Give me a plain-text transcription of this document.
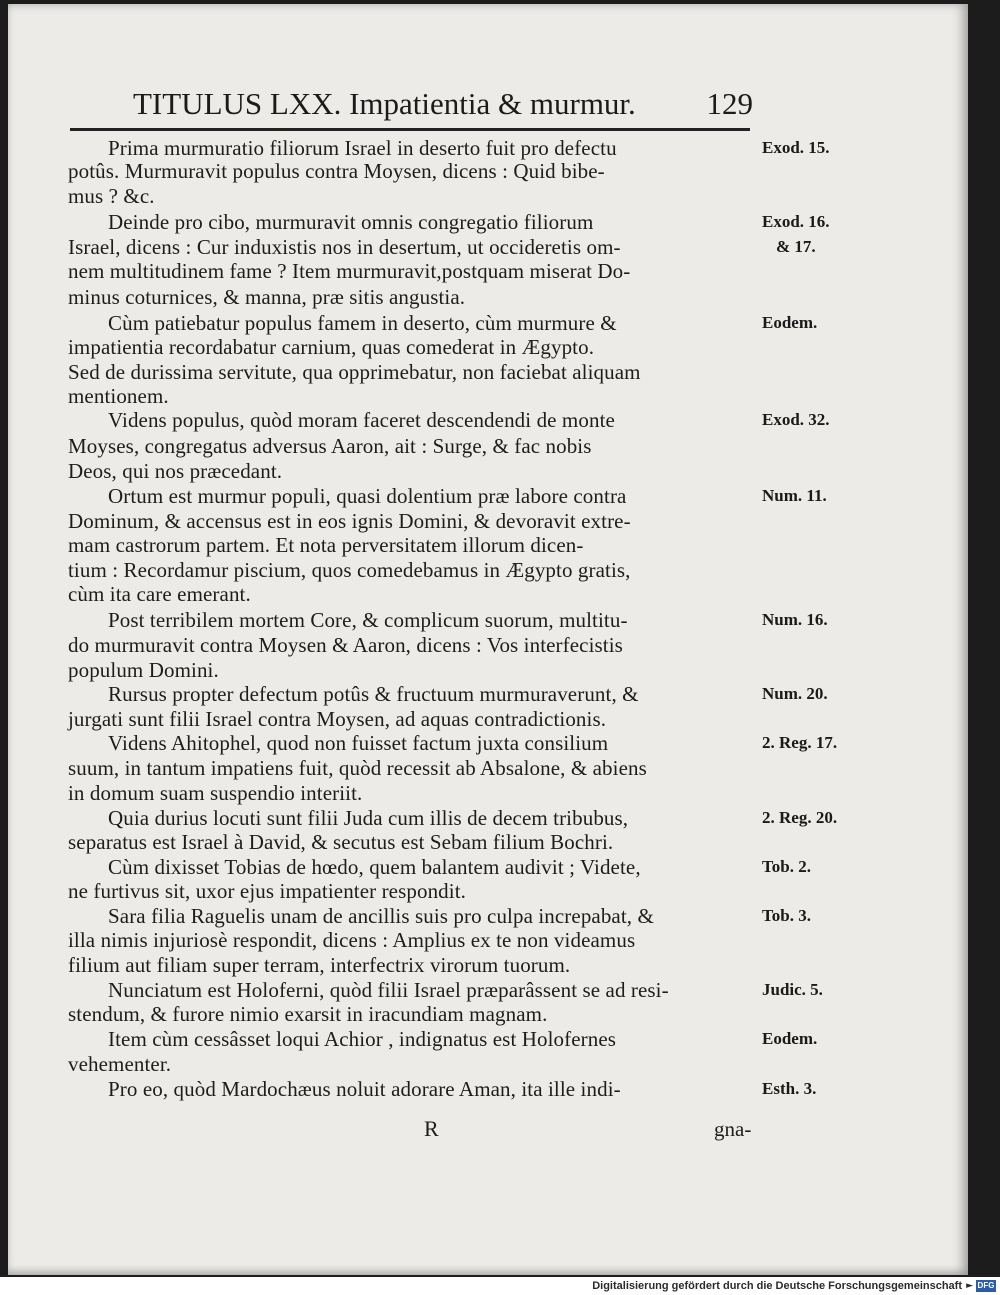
TITULUS LXX. Impatientia & murmur. 129
Prima murmuratio filiorum Israel in deserto fuit pro defectu
potûs. Murmuravit populus contra Moysen, dicens : Quid bibe-
mus ? &c.
Deinde pro cibo, murmuravit omnis congregatio filiorum
Israel, dicens : Cur induxistis nos in desertum, ut occideretis om-
nem multitudinem fame ? Item murmuravit,postquam miserat Do-
minus coturnices, & manna, præ sitis angustia.
Cùm patiebatur populus famem in deserto, cùm murmure &
impatientia recordabatur carnium, quas comederat in Ægypto.
Sed de durissima servitute, qua opprimebatur, non faciebat aliquam
mentionem.
Videns populus, quòd moram faceret descendendi de monte
Moyses, congregatus adversus Aaron, ait : Surge, & fac nobis
Deos, qui nos præcedant.
Ortum est murmur populi, quasi dolentium præ labore contra
Dominum, & accensus est in eos ignis Domini, & devoravit extre-
mam castrorum partem. Et nota perversitatem illorum dicen-
tium : Recordamur piscium, quos comedebamus in Ægypto gratis,
cùm ita care emerant.
Post terribilem mortem Core, & complicum suorum, multitu-
do murmuravit contra Moysen & Aaron, dicens : Vos interfecistis
populum Domini.
Rursus propter defectum potûs & fructuum murmuraverunt, &
jurgati sunt filii Israel contra Moysen, ad aquas contradictionis.
Videns Ahitophel, quod non fuisset factum juxta consilium
suum, in tantum impatiens fuit, quòd recessit ab Absalone, & abiens
in domum suam suspendio interiit.
Quia durius locuti sunt filii Juda cum illis de decem tribubus,
separatus est Israel à David, & secutus est Sebam filium Bochri.
Cùm dixisset Tobias de hœdo, quem balantem audivit ; Videte,
ne furtivus sit, uxor ejus impatienter respondit.
Sara filia Raguelis unam de ancillis suis pro culpa increpabat, &
illa nimis injuriosè respondit, dicens : Amplius ex te non videamus
filium aut filiam super terram, interfectrix virorum tuorum.
Nunciatum est Holoferni, quòd filii Israel præparâssent se ad resi-
stendum, & furore nimio exarsit in iracundiam magnam.
Item cùm cessâsset loqui Achior , indignatus est Holofernes
vehementer.
Pro eo, quòd Mardochæus noluit adorare Aman, ita ille indi-
Exod. 15.
Exod. 16.
& 17.
Eodem.
Exod. 32.
Num. 11.
Num. 16.
Num. 20.
2. Reg. 17.
2. Reg. 20.
Tob. 2.
Tob. 3.
Judic. 5.
Eodem.
Esth. 3.
R	gna-
Digitalisierung gefördert durch die Deutsche Forschungsgemeinschaft ► DFG
